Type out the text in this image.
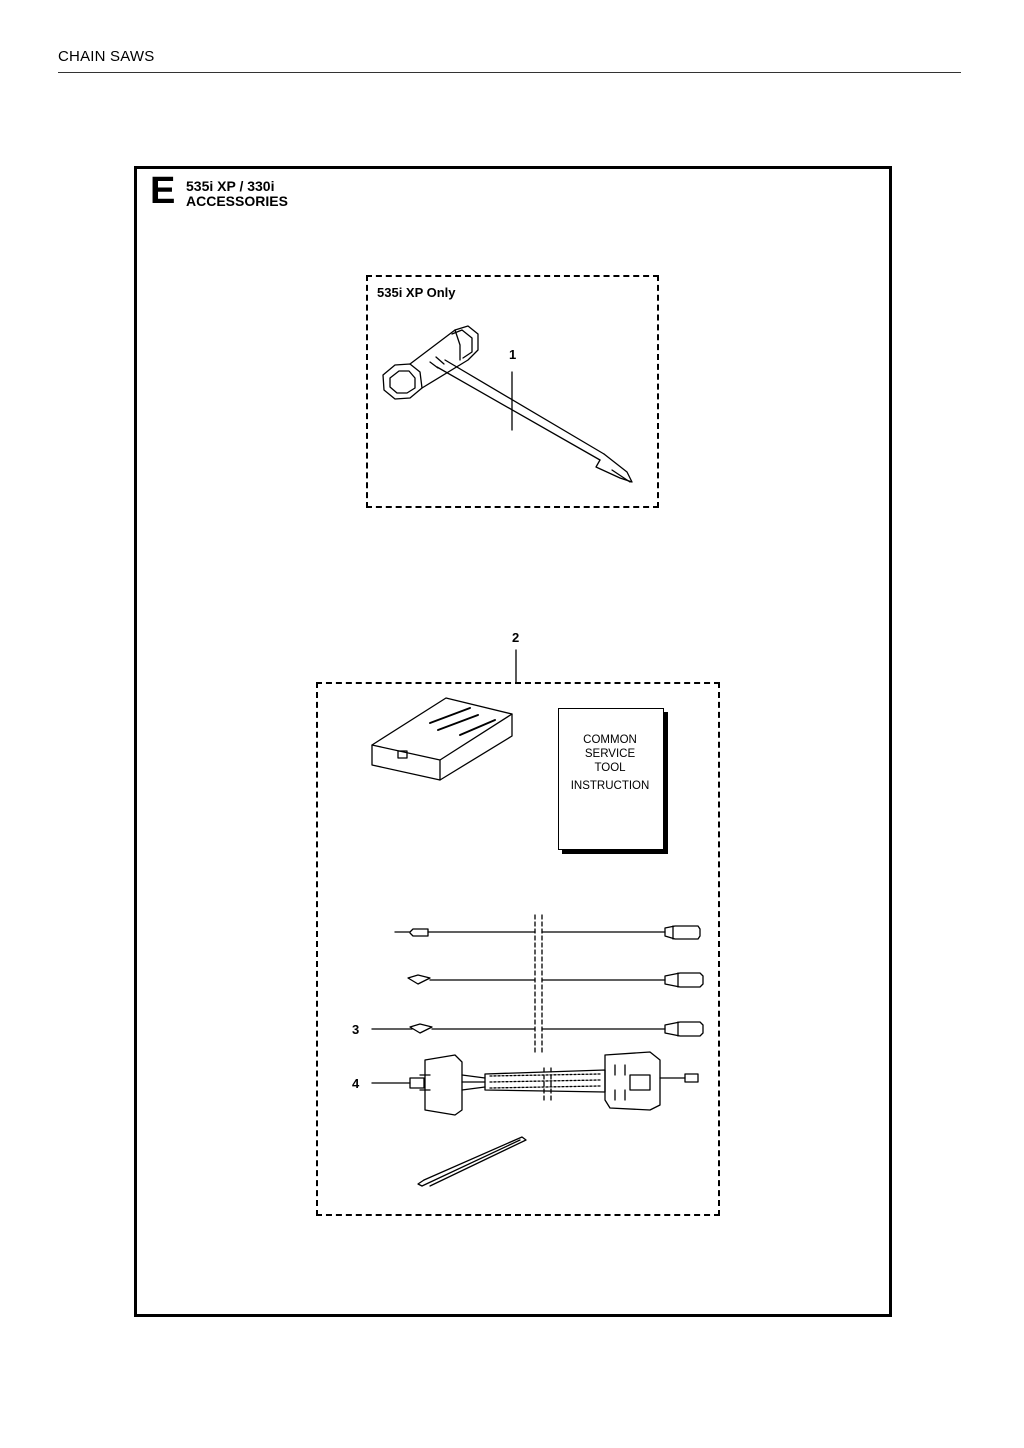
CHAIN SAWS
E 535i XP / 330i
ACCESSORIES
535i XP Only
1
2
3
4
COMMON
SERVICE
TOOL
INSTRUCTION
